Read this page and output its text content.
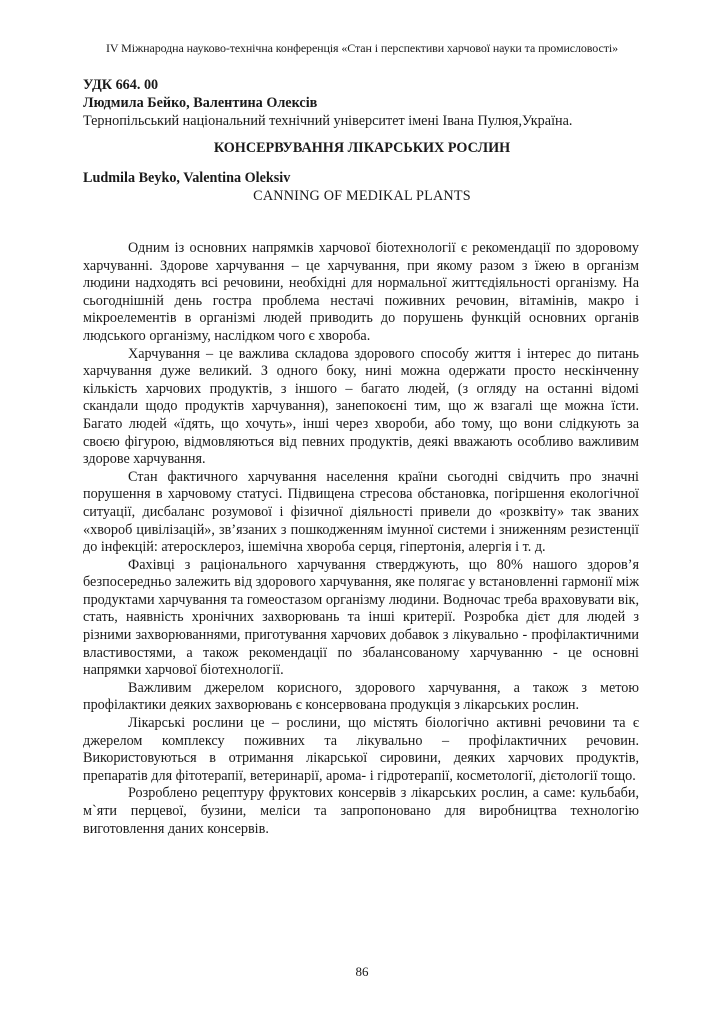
IV Міжнародна науково-технічна конференція «Стан і перспективи харчової науки та промисловості»
УДК 664. 00
Людмила Бейко, Валентина Олексів
Тернопільський національний технічний університет імені Івана Пулюя,Україна.
КОНСЕРВУВАННЯ ЛІКАРСЬКИХ РОСЛИН
Ludmila Beyko, Valentina Oleksiv
CANNING OF MEDIKAL PLANTS

Одним із основних напрямків харчової біотехнології є рекомендації по здоровому харчуванні. Здорове харчування – це харчування, при якому разом з їжею в організм людини надходять всі речовини, необхідні для нормальної життєдіяльності організму. На сьогоднішній день гостра проблема нестачі поживних речовин, вітамінів, макро і мікроелементів в організмі людей приводить до порушень функцій основних органів людського організму, наслідком чого є хвороба.

Харчування – це важлива складова здорового способу життя і інтерес до питань харчування дуже великий. З одного боку, нині можна одержати просто нескінченну кількість харчових продуктів, з іншого – багато людей, (з огляду на останні відомі скандали щодо продуктів харчування), занепокоєні тим, що ж взагалі ще можна їсти. Багато людей «їдять, що хочуть», інші через хвороби, або тому, що вони слідкують за своєю фігурою, відмовляються від певних продуктів, деякі вважають особливо важливим здорове харчування.

Стан фактичного харчування населення країни сьогодні свідчить про значні порушення в харчовому статусі. Підвищена стресова обстановка, погіршення екологічної ситуації, дисбаланс розумової і фізичної діяльності привели до «розквіту» так званих «хвороб цивілізацій», зв’язаних з пошкодженням імунної системи і зниженням резистенції до інфекцій: атеросклероз, ішемічна хвороба серця, гіпертонія, алергія і т. д.

Фахівці з раціонального харчування стверджують, що 80% нашого здоров’я безпосередньо залежить від здорового харчування, яке полягає у встановленні гармонії між продуктами харчування та гомеостазом організму людини. Водночас треба враховувати вік, стать, наявність хронічних захворювань та інші критерії. Розробка дієт для людей з різними захворюваннями, приготування харчових добавок з лікувально - профілактичними властивостями, а також рекомендації по збалансованому харчуванню - це основні напрямки харчової біотехнології.

Важливим джерелом корисного, здорового харчування, а також з метою профілактики деяких захворювань є консервована продукція з лікарських рослин.

Лікарські рослини це – рослини, що містять біологічно активні речовини та є джерелом комплексу поживних та лікувально – профілактичних речовин. Використовуються в отримання лікарської сировини, деяких харчових продуктів, препаратів для фітотерапії, ветеринарії, арома- і гідротерапії, косметології, дієтології тощо.

Розроблено рецептуру фруктових консервів з лікарських рослин, а саме: кульбаби, м`яти перцевої, бузини, меліси та запропоновано для виробництва технологію виготовлення даних консервів.

86
